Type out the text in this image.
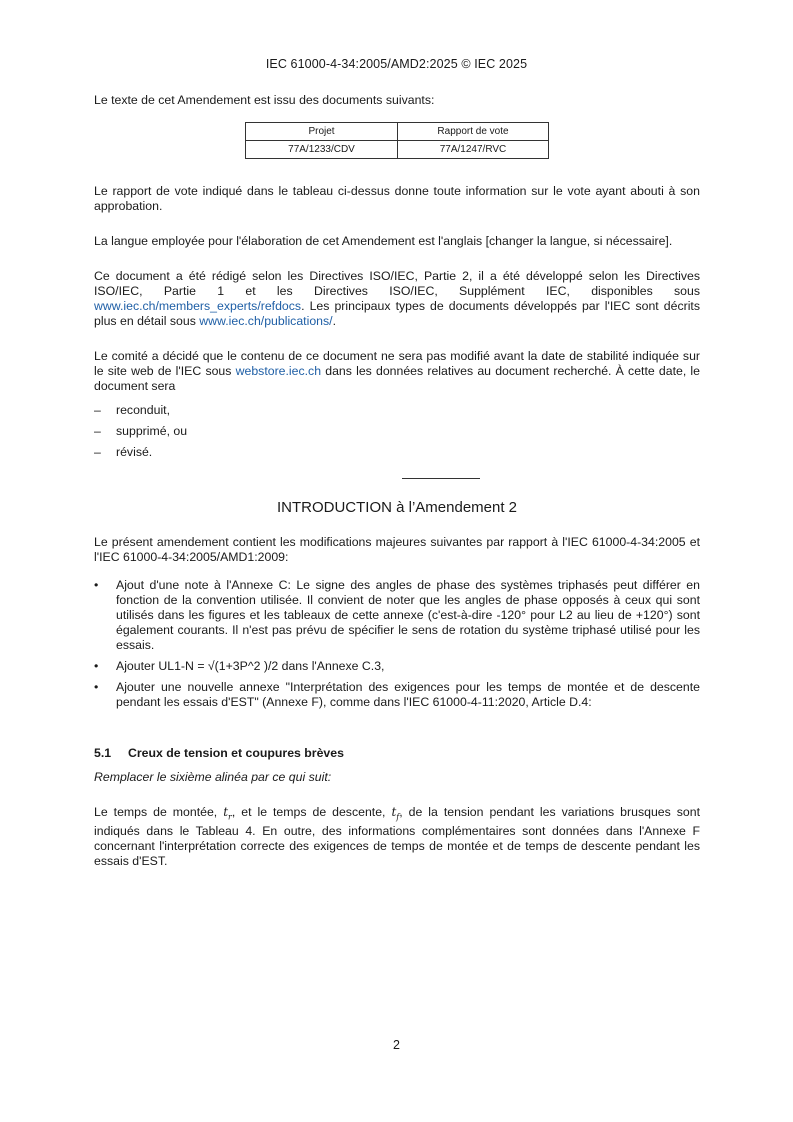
IEC 61000-4-34:2005/AMD2:2025 © IEC 2025

Le texte de cet Amendement est issu des documents suivants:

Projet	Rapport de vote
77A/1233/CDV	77A/1247/RVC

Le rapport de vote indiqué dans le tableau ci-dessus donne toute information sur le vote ayant abouti à son approbation.

La langue employée pour l'élaboration de cet Amendement est l'anglais [changer la langue, si nécessaire].

Ce document a été rédigé selon les Directives ISO/IEC, Partie 2, il a été développé selon les Directives ISO/IEC, Partie 1 et les Directives ISO/IEC, Supplément IEC, disponibles sous www.iec.ch/members_experts/refdocs. Les principaux types de documents développés par l'IEC sont décrits plus en détail sous www.iec.ch/publications/.

Le comité a décidé que le contenu de ce document ne sera pas modifié avant la date de stabilité indiquée sur le site web de l'IEC sous webstore.iec.ch dans les données relatives au document recherché. À cette date, le document sera

– reconduit,
– supprimé, ou
– révisé.
INTRODUCTION à l’Amendement 2

Le présent amendement contient les modifications majeures suivantes par rapport à l'IEC 61000-4-34:2005 et l'IEC 61000-4-34:2005/AMD1:2009:

• Ajout d'une note à l'Annexe C: Le signe des angles de phase des systèmes triphasés peut différer en fonction de la convention utilisée. Il convient de noter que les angles de phase opposés à ceux qui sont utilisés dans les figures et les tableaux de cette annexe (c'est-à-dire -120° pour L2 au lieu de +120°) sont également courants. Il n'est pas prévu de spécifier le sens de rotation du système triphasé utilisé pour les essais.
• Ajouter UL1-N = √(1+3P^2 )/2 dans l'Annexe C.3,
• Ajouter une nouvelle annexe "Interprétation des exigences pour les temps de montée et de descente pendant les essais d'EST" (Annexe F), comme dans l'IEC 61000-4-11:2020, Article D.4:
5.1 Creux de tension et coupures brèves

Remplacer le sixième alinéa par ce qui suit:

Le temps de montée, $t_r$, et le temps de descente, $t_f$, de la tension pendant les variations brusques sont indiqués dans le Tableau 4. En outre, des informations complémentaires sont données dans l'Annexe F concernant l'interprétation correcte des exigences de temps de montée et de temps de descente pendant les essais d'EST.

2
